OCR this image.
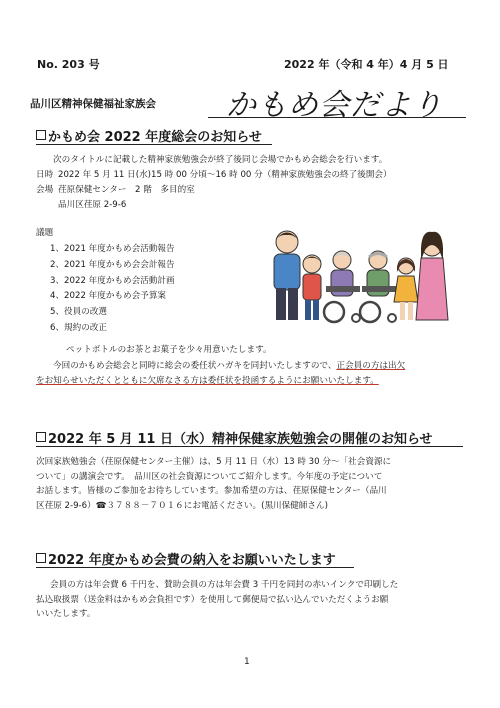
No. 203 号	2022 年（令和 4 年）4 月 5 日
品川区精神保健福祉家族会 かもめ会だより
かもめ会 2022 年度総会のお知らせ
次のタイトルに記載した精神家族勉強会が終了後同じ会場でかもめ会総会を行います。
日時 2022 年 5 月 11 日(水)15 時 00 分頃～16 時 00 分（精神家族勉強会の終了後開会）
会場 荏原保健センター　2 階　多目的室
品川区荏原 2-9-6
議題
1、2021 年度かもめ会活動報告
2、2021 年度かもめ会会計報告
3、2022 年度かもめ会活動計画
4、2022 年度かもめ会予算案
5、役員の改選
6、規約の改正
ペットボトルのお茶とお菓子を少々用意いたします。
今回のかもめ会総会と同時に総会の委任状ハガキを同封いたしますので、正会員の方は出欠
をお知らせいただくとともに欠席なさる方は委任状を投函するようにお願いいたします。
2022 年 5 月 11 日（水）精神保健家族勉強会の開催のお知らせ
次回家族勉強会（荏原保健センター主催）は、5 月 11 日（水）13 時 30 分～「社会資源に
ついて」の講演会です。　品川区の社会資源についてご紹介します。今年度の予定について
お話します。皆様のご参加をお待ちしています。参加希望の方は、荏原保健センター（品川
区荏原 2-9-6）☎３７８８－７０１６にお電話ください。(黒川保健師さん)
2022 年度かもめ会費の納入をお願いいたします
会員の方は年会費 6 千円を、賛助会員の方は年会費 3 千円を同封の赤いインクで印刷した
払込取扱票（送金料はかもめ会負担です）を使用して郵便局で払い込んでいただくようお願
いいたします。
1
